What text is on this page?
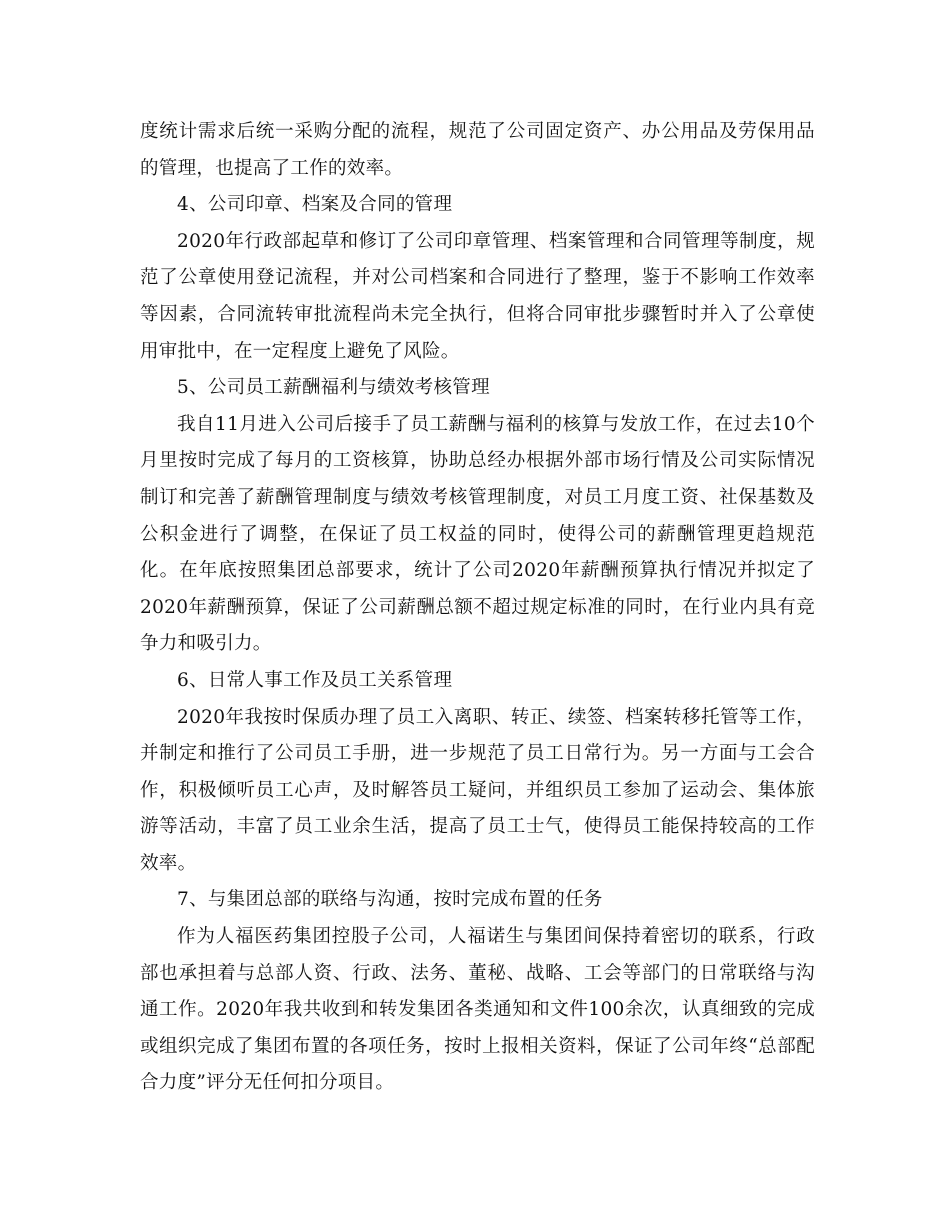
度统计需求后统一采购分配的流程，规范了公司固定资产、办公用品及劳保用品的管理，也提高了工作的效率。

4、公司印章、档案及合同的管理

2020年行政部起草和修订了公司印章管理、档案管理和合同管理等制度，规范了公章使用登记流程，并对公司档案和合同进行了整理，鉴于不影响工作效率等因素，合同流转审批流程尚未完全执行，但将合同审批步骤暂时并入了公章使用审批中，在一定程度上避免了风险。

5、公司员工薪酬福利与绩效考核管理

我自11月进入公司后接手了员工薪酬与福利的核算与发放工作，在过去10个月里按时完成了每月的工资核算，协助总经办根据外部市场行情及公司实际情况制订和完善了薪酬管理制度与绩效考核管理制度，对员工月度工资、社保基数及公积金进行了调整，在保证了员工权益的同时，使得公司的薪酬管理更趋规范化。在年底按照集团总部要求，统计了公司2020年薪酬预算执行情况并拟定了2020年薪酬预算，保证了公司薪酬总额不超过规定标准的同时，在行业内具有竞争力和吸引力。

6、日常人事工作及员工关系管理

2020年我按时保质办理了员工入离职、转正、续签、档案转移托管等工作，并制定和推行了公司员工手册，进一步规范了员工日常行为。另一方面与工会合作，积极倾听员工心声，及时解答员工疑问，并组织员工参加了运动会、集体旅游等活动，丰富了员工业余生活，提高了员工士气，使得员工能保持较高的工作效率。

7、与集团总部的联络与沟通，按时完成布置的任务

作为人福医药集团控股子公司，人福诺生与集团间保持着密切的联系，行政部也承担着与总部人资、行政、法务、董秘、战略、工会等部门的日常联络与沟通工作。2020年我共收到和转发集团各类通知和文件100余次，认真细致的完成或组织完成了集团布置的各项任务，按时上报相关资料，保证了公司年终“总部配合力度”评分无任何扣分项目。
